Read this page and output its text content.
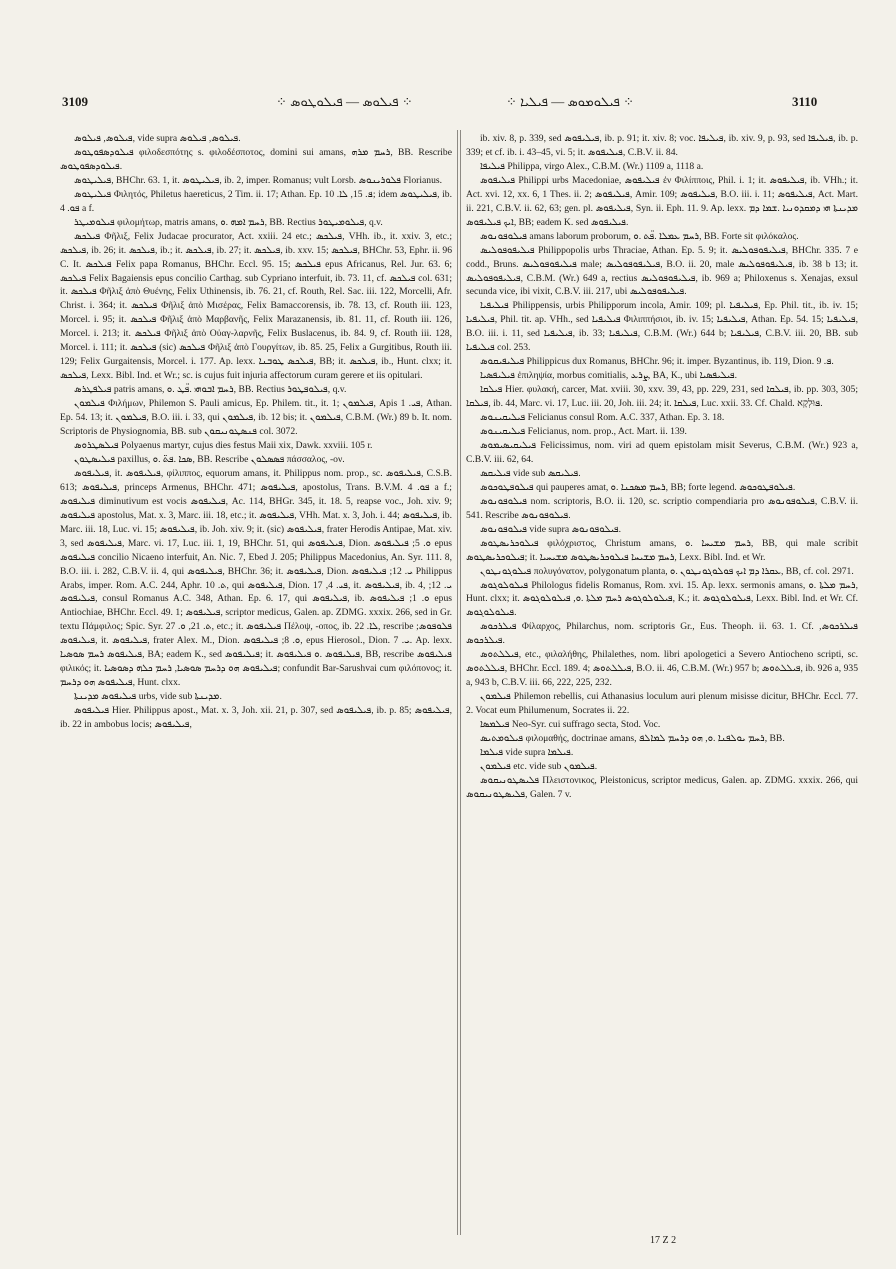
3109	⁘ ܦܝܠܘܣ — ܦܝܠܘܛܘܣ ⁘	⁘ ܦܝܠܘܡܘܣ — ܦܝܠܝܐ ⁘	3110

ܦܝܠܘܣ, ܦܝܠܘܣ, vide supra ܦܝܠܘܣ, ܦܝܠܘܣ.

ܦܝܠܘܕܣܦܘܛܘܣ φιλοδεσπότης s. φιλοδέσποτος, domini sui amans, ܪܚܡ ܡܪܗ, BB. Rescribe ܦܝܠܘܕܣܦܘܛܘܣ.

ܦܝܠܝܛܘܣ, BHChr. 63. 1, it. ܦܝܠܝܛܘܣ, ib. 2, imper. Romanus; vult Lorsb. ܦܠܘܪܝܢܘܣ Florianus.

ܦܝܠܝܛܘܣ Φιλητός, Philetus haereticus, 2 Tim. ii. 17; Athan. Ep. ܦ. 15, ܠܐ. 10; idem ܦܝܠܝܛܘܣ, ib. ܦܘ. 4 a f.

ܦܝܠܘܡܝܛܪ φιλομήτωρ, matris amans, ܪܚܡ ܐܡܗ .ܘ, BB. Rectius ܦܝܠܘܡܝܛܘܪ, q.v.

ܦܝܠܟܣ Φῆλιξ, Felix Judacae procurator, Act. xxiii. 24 etc.; ܦܝܠܟܣ, VHh. ib., it. xxiv. 3, etc.; ܦܝܠܟܣ, ib. 26; it. ܦܝܠܟܣ, ib.; it. ܦܝܠܟܣ, ib. 27; it. ܦܝܠܟܣ, ib. xxv. 15; ܦܝܠܟܣ, BHChr. 53, Ephr. ii. 96 C. It. ܦܝܠܟܣ Felix papa Romanus, BHChr. Eccl. 95. 15; ܦܝܠܟܣ epus Africanus, Rel. Jur. 63. 6; ܦܝܠܟܣ Felix Bagaiensis epus concilio Carthag. sub Cypriano interfuit, ib. 73. 11, cf. ܦܝܠܟܣ col. 631; it. ܦܝܠܟܣ Φῆλιξ ἀπὸ Θυένης, Felix Uthinensis, ib. 76. 21, cf. Routh, Rel. Sac. iii. 122, Morcelli, Afr. Christ. i. 364; it. ܦܝܠܟܣ Φῆλιξ ἀπὸ Μισέρας, Felix Bamaccorensis, ib. 78. 13, cf. Routh iii. 123, Morcel. i. 95; it. ܦܝܠܟܣ Φῆλιξ ἀπὸ Μαρβανῆς, Felix Marazanensis, ib. 81. 11, cf. Routh iii. 126, Morcel. i. 213; it. ܦܝܠܟܣ Φῆλιξ ἀπὸ Οὐαγ-λαρνῆς, Felix Buslacenus, ib. 84. 9, cf. Routh iii. 128, Morcel. i. 111; it. ܦܝܠܟܣ (sic) ܦܝܠܟܣ Φῆλιξ ἀπὸ Γουργίτων, ib. 85. 25, Felix a Gurgitibus, Routh iii. 129; Felix Gurgaitensis, Morcel. i. 177. Ap. lexx. ܦܝܠܟܣ ܛܘܒܢܐ, BB; it. ܦܝܠܟܣ, ib., Hunt. clxx; it. ܦܝܠܟܣ, Lexx. Bibl. Ind. et Wr.; sc. is cujus fuit injuria affectorum curam gerere et iis opitulari.

ܦܝܠܦܛܪܣ patris amans, ܪܚܡ ܐܒܘܗܝ .ܦ̈ܛ .ܘ, BB. Rectius ܦܝܠܘܦܛܘܪ, q.v.

ܦܝܠܡܘܢ Φιλήμων, Philemon S. Pauli amicus, Ep. Philem. tit., it. 1; ܦܝܠܡܘܢ, Apis ܦܝ. 1, Athan. Ep. 54. 13; it. ܦܝܠܡܘܢ, B.O. iii. i. 33, qui ܦܝܠܡܘܢ, ib. 12 bis; it. ܦܝܠܡܘܢ, C.B.M. (Wr.) 89 b. It. nom. Scriptoris de Physiognomia, BB. sub ܦܢܣܛܘܢܝܩܘܢ col. 3072.

ܦܝܠܣܛܪܘܣ Polyaenus martyr, cujus dies festus Maii xix, Dawk. xxviii. 105 r.

ܦܝܠܝܣܛܘܢ paxillus, ܣܟܐ .ܦܬ̈ .ܘ, BB. Rescribe ܦܣܣܠܘܢ πάσσαλος, -ον.

ܦܝܠܝܦܘܣ, it. ܦܝܠܝܦܘܣ, φίλιππος, equorum amans, it. Philippus nom. prop., sc. ܦܝܠܝܦܘܣ, C.S.B. 613; ܦܝܠܝܦܘܣ, princeps Armenus, BHChr. 471; ܦܝܠܝܦܘܣ, apostolus, Trans. B.V.M. ܦܘ. 4 a f.; ܦܝܠܝܦܘܣ diminutivum est vocis ܦܝܠܝܦܘܣ, Ac. 114, BHGr. 345, it. 18. 5, reapse voc., Joh. xiv. 9; ܦܝܠܝܦܘܣ apostolus, Mat. x. 3, Marc. iii. 18, etc.; it. ܦܝܠܝܦܘܣ, VHh. Mat. x. 3, Joh. i. 44; ܦܝܠܝܦܘܣ, ib. Marc. iii. 18, Luc. vi. 15; ܦܝܠܝܦܘܣ, ib. Joh. xiv. 9; it. (sic) ܦܝܠܝܦܘܣ, frater Herodis Antipae, Mat. xiv. 3, sed ܦܝܠܝܦܘܣ, Marc. vi. 17, Luc. iii. 1, 19, BHChr. 51, qui ܦܝܠܝܦܘܣ, Dion. ܘ. 5; ܦܝܠܝܦܘܣ epus ܦܝܠܝܦܘܣ concilio Nicaeno interfuit, An. Nic. 7, Ebed J. 205; Philippus Macedonius, An. Syr. 111. 8, B.O. iii. i. 282, C.B.V. ii. 4, qui ܦܝܠܝܦܘܣ, BHChr. 36; it. ܦܝܠܝܦܘܣ, Dion. ܝ. 12; ܦܝܠܝܦܘܣ Philippus Arabs, imper. Rom. A.C. 244, Aphr. ܬ. 10, qui ܦܝܠܝܦܘܣ, Dion. ܦܝ. 4, 17, it. ܦܝܠܝܦܘܣ, ib. 4, ܝ. 12; ܦܝܠܝܦܘܣ, consul Romanus A.C. 348, Athan. Ep. 6. 17, qui ܦܝܠܝܦܘܣ, ib. ܘ. 1; ܦܝܠܝܦܘܣ epus Antiochiae, BHChr. Eccl. 49. 1; ܦܝܠܝܦܘܣ, scriptor medicus, Galen. ap. ZDMG. xxxix. 266, sed in Gr. textu Πάμφιλος; Spic. Syr. ܬ. 21, ܘ. 27, etc.; it. ܦܝܠܝܦܘܣ Πέλοψ, -οπος, ib. ܠܐ. 22, rescribe ܦܠܘܦܘܣ; ܦܝܠܝܦܘܣ, it. ܦܝܠܝܦܘܣ, frater Alex. M., Dion. ܘ. 8; ܦܝܠܝܦܘܣ, epus Hierosol., Dion. ܝ. 7. Ap. lexx. ܦܝܠܝܦܘܣ ܪܚܡ ܣܘܣܝܐ, BA; eadem K., sed ܦܝܠܝܦܘܣ; it. ܦܝܠܝܦܘܣ .ܘ ܦܝܠܝܦܘܣ, BB, rescribe ܦܝܠܝܦܘܣ φιλικός; it. ܦܝܠܝܦܘܣ ܗܘ ܕܪܚܡ ܣܘܣܝܐ, ܪܚܡ ܟܠܗ ܕܣܘܣܝܐ; confundit Bar-Sarushvai cum φιλόπονος; it. ܦܝܠܝܦܘܣ ܗܘ ܕܪܚܡ, Hunt. clxx.

ܦܝܠܝܦܘܣ ܡܕܝܢܬܐ urbs, vide sub ܡܕܝܢܬܐ.

ܦܝܠܝܦܘܣ Hier. Philippus apost., Mat. x. 3, Joh. xii. 21, p. 307, sed ܦܝܠܝܦܘܣ, ib. p. 85; ܦܝܠܝܦܘܣ, ib. 22 in ambobus locis; ܦܝܠܝܦܘܣ,

ib. xiv. 8, p. 339, sed ܦܝܠܝܦܘܣ, ib. p. 91; it. xiv. 8; voc. ܦܝܠܝܦܐ, ib. xiv. 9, p. 93, sed ܦܝܠܝܦܐ, ib. p. 339; et cf. ib. i. 43–45, vi. 5; it. ܦܝܠܝܦܘܣ, C.B.V. ii. 84.

ܦܝܠܝܦܐ Philippa, virgo Alex., C.B.M. (Wr.) 1109 a, 1118 a.

ܦܝܠܝܦܘܣ Philippi urbs Macedoniae, ܦܝܠܝܦܘܣ ἐν Φιλίπποις, Phil. i. 1; it. ܦܝܠܝܦܘܣ, ib. VHh.; it. Act. xvi. 12, xx. 6, 1 Thes. ii. 2; ܦܝܠܝܦܘܣ, Amir. 109; ܦܝܠܝܦܘܣ, B.O. iii. i. 11; ܦܝܠܝܦܘܣ, Act. Mart. ii. 221, C.B.V. ii. 62, 63; gen. pl. ܦܝܠܝܦܘܣ, Syn. ii. Eph. 11. 9. Ap. lexx. ܡܕܝܢܬܐ ܗܝ ܕܡܩܕܘܢܝܐ .ܫܡܐ ܕܡ ܐܝܟ ܦܝܠܝܦܘܣ, BB; eadem K. sed ܦܝܠܝܦܘܣ.

ܦܝܠܘܦܘܢܘܣ amans laborum proborum, ܪܚܡ ܥܡܠܐ .ܦ̈ܬ .ܘ, BB. Forte sit φιλόκαλος.

ܦܝܠܝܦܘܦܘܠܝܣ Philippopolis urbs Thraciae, Athan. Ep. 5. 9; it. ܦܝܠܝܦܘܦܘܠܝܣ, BHChr. 335. 7 e codd., Bruns. ܦܝܠܝܦܘܦܘܠܝܣ male; ܦܝܠܝܦܘܦܘܠܝܣ, B.O. ii. 20, male ܦܝܠܝܦܘܦܘܠܝܣ, ib. 38 b 13; it. ܦܝܠܝܦܘܦܘܠܝܣ, C.B.M. (Wr.) 649 a, rectius ܦܝܠܝܦܘܦܘܠܝܣ, ib. 969 a; Philoxenus s. Xenajas, exsul secunda vice, ibi vixit, C.B.V. iii. 217, ubi ܦܝܠܝܦܘܦܘܠܝܣ.

ܦܝܠܝܦܝܐ Philippensis, urbis Philipporum incola, Amir. 109; pl. ܦܝܠܝܦܝܐ, Ep. Phil. tit., ib. iv. 15; ܦܝܠܝܦܝܐ, Phil. tit. ap. VHh., sed ܦܝܠܝܦܝܐ Φιλιππήσιοι, ib. iv. 15; ܦܝܠܝܦܝܐ, Athan. Ep. 54. 15; ܦܝܠܝܦܝܐ, B.O. iii. i. 11, sed ܦܝܠܝܦܝܐ, ib. 33; ܦܝܠܝܦܝܐ, C.B.M. (Wr.) 644 b; ܦܝܠܝܦܝܐ, C.B.V. iii. 20, BB. sub ܦܝܠܝܦܝܐ col. 253.

ܦܝܠܝܦܝܩܘܣ Philippicus dux Romanus, BHChr. 96; it. imper. Byzantinus, ib. 119, Dion. ܦ. 9.

ܦܝܠܝܦܣܝܐ ἐπιληψία, morbus comitialis, ܨܪܥ, BA, K., ubi ܦܝܠܝܦܣܝܐ.

ܦܝܠܩܐ Hier. φυλακή, carcer, Mat. xviii. 30, xxv. 39, 43, pp. 229, 231, sed ܦܝܠܩܐ, ib. pp. 303, 305; ܦܝܠܩܐ, ib. 44, Marc. vi. 17, Luc. iii. 20, Joh. iii. 24; it. ܦܝܠܩܐ, Luc. xxii. 33. Cf. Chald. ܦּוּלְקָא.

ܦܝܠܝܩܝܢܘܣ Felicianus consul Rom. A.C. 337, Athan. Ep. 3. 18.

ܦܝܠܝܩܝܢܘܣ Felicianus, nom. prop., Act. Mart. ii. 139.

ܦܝܠܝܩܝܣܝܡܘܣ Felicissimus, nom. viri ad quem epistolam misit Severus, C.B.M. (Wr.) 923 a, C.B.V. iii. 62, 64.

ܦܝܠܝܩܣ vide sub ܦܝܠܝܩܣ.

ܦܝܠܘܦܛܘܟܘܣ qui pauperes amat, ܪܚܡ ܡܣܟܢܐ .ܘ, BB; forte legend. ܦܝܠܘܦܛܘܟܘܣ.

ܦܝܠܘܦܘܢܘܣ nom. scriptoris, B.O. ii. 120, sc. scriptio compendiaria pro ܦܝܠܘܦܘܢܘܣ, C.B.V. ii. 541. Rescribe ܦܝܠܘܦܘܢܘܣ.

ܦܝܠܘܦܘܢܘܣ vide supra ܦܝܠܘܦܘܢܘܣ.

ܦܝܠܘܟܪܝܣܛܘܣ φιλόχριστος, Christum amans, ܪܚܡ ܡܫܝܚܐ .ܘ, BB, qui male scribit ܦܝܠܘܟܪܝܣܛܘܣ; it. ܪܚܡ ܡܫܝܚܐ ܦܝܠܘܟܪܝܣܛܘܣ ܡܫܝܚܝܐ, Lexx. Bibl. Ind. et Wr.

ܦܝܠܘܓܘܢܛܘܢ πολυγόνατον, polygonatum planta, ܥܩܪܐ ܕܡ ܐܝܟ ܦܘܠܘܓܘܢܛܘܢ .ܘ, BB, cf. col. 2971.

ܦܝܠܘܠܘܓܘܣ Philologus fidelis Romanus, Rom. xvi. 15. Ap. lexx. sermonis amans, ܪܚܡ ܡܠܬܐ .ܘ, Hunt. clxx; it. ܦܝܠܘܠܘܓܘܣ ܪܚܡ ܡܠܬܐ .ܘ, ܦܝܠܘܠܘܓܘܣ, K.; it. ܦܝܠܘܠܘܓܘܣ, Lexx. Bibl. Ind. et Wr. Cf. ܦܝܠܘܠܘܓܘܣ.

ܦܝܠܪܟܘܣ Φίλαρχος, Philarchus, nom. scriptoris Gr., Eus. Theoph. ii. 63. 1. Cf. ܦܝܠܪܟܘܣ, ܦܝܠܪܟܘܣ.

ܦܝܠܠܬܘܣ, etc., φιλαλήθης, Philalethes, nom. libri apologetici a Severo Antiocheno scripti, sc. ܦܝܠܠܬܘܣ, BHChr. Eccl. 189. 4; ܦܝܠܠܬܘܣ, B.O. ii. 46, C.B.M. (Wr.) 957 b; ܦܝܠܠܬܘܣ, ib. 926 a, 935 a, 943 b, C.B.V. iii. 66, 222, 225, 232.

ܦܝܠܡܘܢ Philemon rebellis, cui Athanasius loculum auri plenum misisse dicitur, BHChr. Eccl. 77. 2. Vocat eum Philumenum, Socrates ii. 22.

ܦܝܠܡܣܐ Neo-Syr. cui suffrago secta, Stod. Voc.

ܦܝܠܘܡܬܝܣ φιλομαθής, doctrinae amans, ܪܚܡ ܝܘܠܦܢܐ .ܘ, ܗܘ ܕܪܚܡ ܠܡܐܠܦ, BB.

ܦܝܠܡܐ vide supra ܦܝܠܡܐ.

ܦܝܠܡܘܢ etc. vide sub ܦܝܠܡܘܢ.

ܦܠܝܣܛܘܢܝܩܘܣ Πλειστονικος, Pleistonicus, scriptor medicus, Galen. ap. ZDMG. xxxix. 266, qui ܦܠܝܣܛܘܢܝܩܘܣ, Galen. 7 v.

17 Z 2
